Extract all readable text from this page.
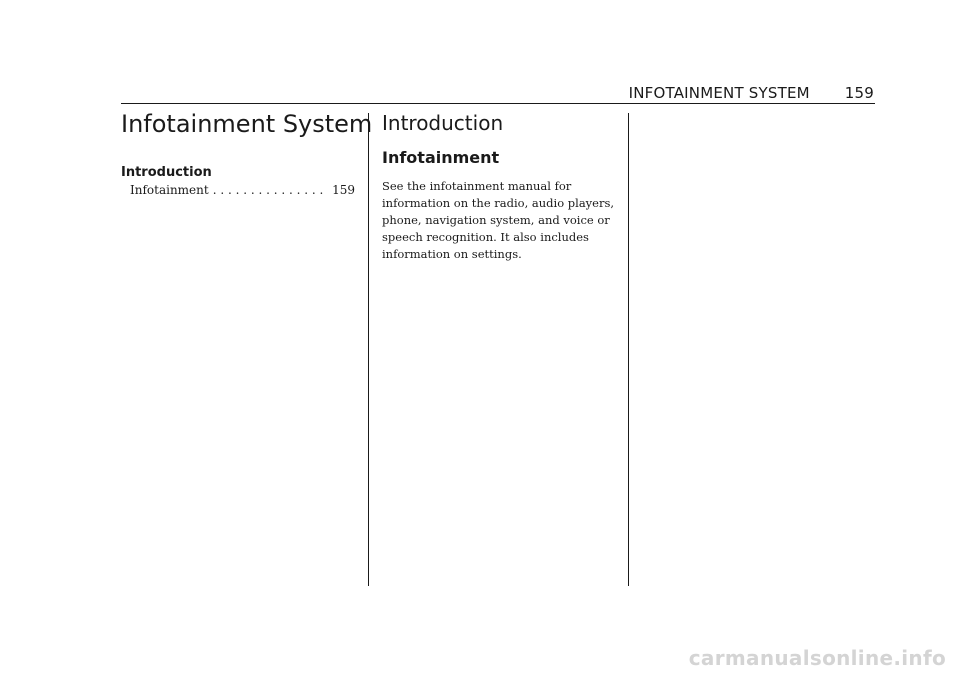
INFOTAINMENT SYSTEM 159
Infotainment System
Introduction
Infotainment
. . .	159
Introduction
Infotainment

See the infotainment manual for information on the radio, audio players, phone, navigation system, and voice or speech recognition. It also includes information on settings.

carmanualsonline.info
